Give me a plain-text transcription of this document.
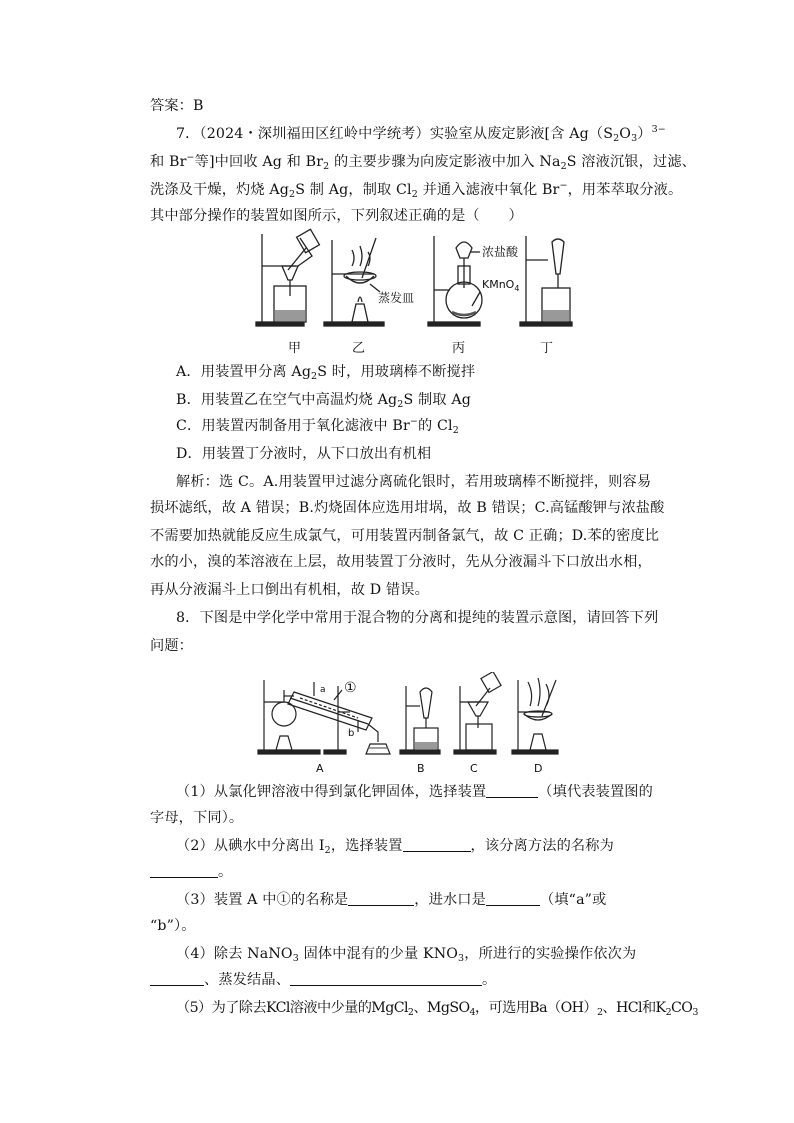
答案：B
7．（2024・深圳福田区红岭中学统考）实验室从废定影液[含 $Ag(S_2O_3)^{3-}$
和 Br−等]中回收 Ag 和 $Br_2$ 的主要步骤为向废定影液中加入 $Na_2S$ 溶液沉银，过滤、
洗涤及干燥，灼烧 $Ag_2S$ 制 Ag，制取 $Cl_2$ 并通入滤液中氧化 Br−，用苯萃取分液。
其中部分操作的装置如图所示，下列叙述正确的是（　　）
蒸发皿
浓盐酸
KMnO$_4$
甲	乙	丙	丁
A．用装置甲分离 $Ag_2S$ 时，用玻璃棒不断搅拌
B．用装置乙在空气中高温灼烧 $Ag_2S$ 制取 Ag
C．用装置丙制备用于氧化滤液中 Br−的 $Cl_2$
D．用装置丁分液时，从下口放出有机相
解析：选 C。A.用装置甲过滤分离硫化银时，若用玻璃棒不断搅拌，则容易
损坏滤纸，故 A 错误；B.灼烧固体应选用坩埚，故 B 错误；C.高锰酸钾与浓盐酸
不需要加热就能反应生成氯气，可用装置丙制备氯气，故 C 正确；D.苯的密度比
水的小，溴的苯溶液在上层，故用装置丁分液时，先从分液漏斗下口放出水相，
再从分液漏斗上口倒出有机相，故 D 错误。
8．下图是中学化学中常用于混合物的分离和提纯的装置示意图，请回答下列
问题：
a
b
①
A	B	C	D
（1）从氯化钾溶液中得到氯化钾固体，选择装置	（填代表装置图的
字母，下同）。
（2）从碘水中分离出 $I_2$，选择装置	，该分离方法的名称为
。
（3）装置 A 中①的名称是	，进水口是	（填“a”或
“b”）。
（4）除去 NaNO$_3$ 固体中混有的少量 $KNO_3$，所进行的实验操作依次为
、蒸发结晶、	。
（5）为了除去KCl溶液中少量的MgCl$_2$、MgSO$_4$，可选用$Ba(OH)_2$、HCl和$K_2CO_3$
